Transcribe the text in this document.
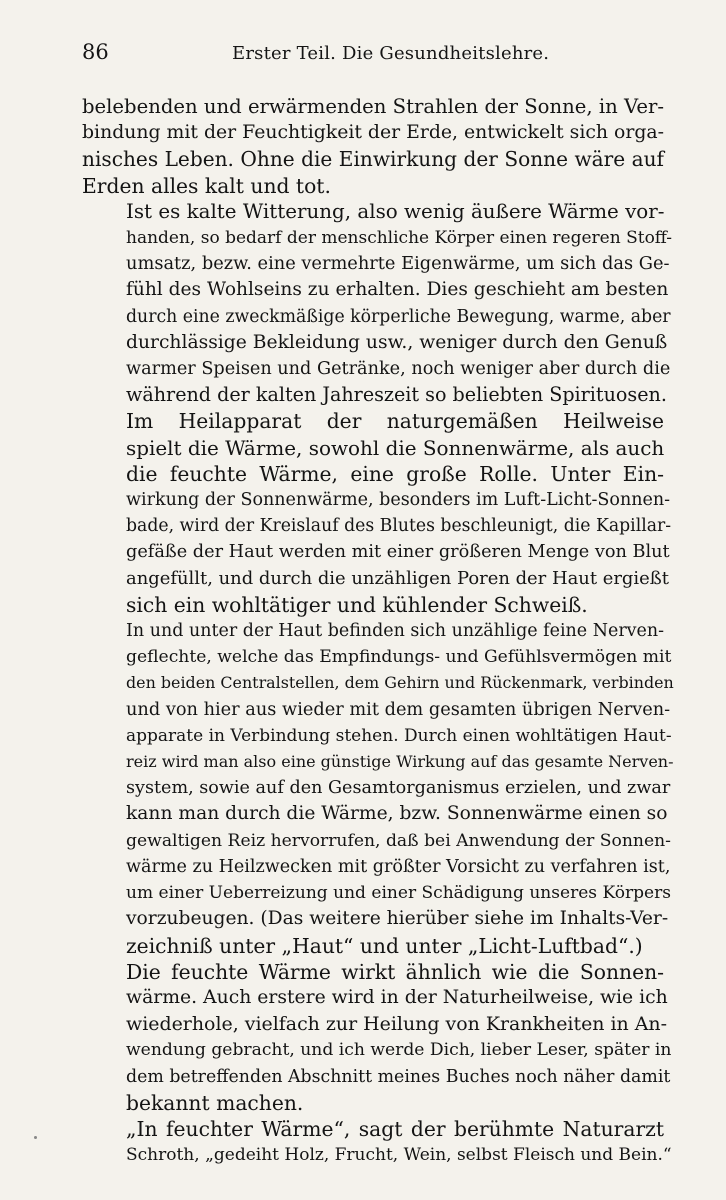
86	Erster Teil. Die Gesundheitslehre.

belebenden und erwärmenden Strahlen der Sonne, in Ver-
bindung mit der Feuchtigkeit der Erde, entwickelt sich orga-
nisches Leben. Ohne die Einwirkung der Sonne wäre auf
Erden alles kalt und tot.

Ist es kalte Witterung, also wenig äußere Wärme vor-
handen, so bedarf der menschliche Körper einen regeren Stoff-
umsatz, bezw. eine vermehrte Eigenwärme, um sich das Ge-
fühl des Wohlseins zu erhalten. Dies geschieht am besten
durch eine zweckmäßige körperliche Bewegung, warme, aber
durchlässige Bekleidung usw., weniger durch den Genuß
warmer Speisen und Getränke, noch weniger aber durch die
während der kalten Jahreszeit so beliebten Spirituosen.

Im Heilapparat der naturgemäßen Heilweise
spielt die Wärme, sowohl die Sonnenwärme, als auch
die feuchte Wärme, eine große Rolle. Unter Ein-
wirkung der Sonnenwärme, besonders im Luft-Licht-Sonnen-
bade, wird der Kreislauf des Blutes beschleunigt, die Kapillar-
gefäße der Haut werden mit einer größeren Menge von Blut
angefüllt, und durch die unzähligen Poren der Haut ergießt
sich ein wohltätiger und kühlender Schweiß.

In und unter der Haut befinden sich unzählige feine Nerven-
geflechte, welche das Empfindungs- und Gefühlsvermögen mit
den beiden Centralstellen, dem Gehirn und Rückenmark, verbinden
und von hier aus wieder mit dem gesamten übrigen Nerven-
apparate in Verbindung stehen. Durch einen wohltätigen Haut-
reiz wird man also eine günstige Wirkung auf das gesamte Nerven-
system, sowie auf den Gesamtorganismus erzielen, und zwar
kann man durch die Wärme, bzw. Sonnenwärme einen so
gewaltigen Reiz hervorrufen, daß bei Anwendung der Sonnen-
wärme zu Heilzwecken mit größter Vorsicht zu verfahren ist,
um einer Ueberreizung und einer Schädigung unseres Körpers
vorzubeugen. (Das weitere hierüber siehe im Inhalts-Ver-
zeichniß unter „Haut“ und unter „Licht-Luftbad“.)

Die feuchte Wärme wirkt ähnlich wie die Sonnen-
wärme. Auch erstere wird in der Naturheilweise, wie ich
wiederhole, vielfach zur Heilung von Krankheiten in An-
wendung gebracht, und ich werde Dich, lieber Leser, später in
dem betreffenden Abschnitt meines Buches noch näher damit
bekannt machen.

„In feuchter Wärme“, sagt der berühmte Naturarzt
Schroth, „gedeiht Holz, Frucht, Wein, selbst Fleisch und Bein.“
